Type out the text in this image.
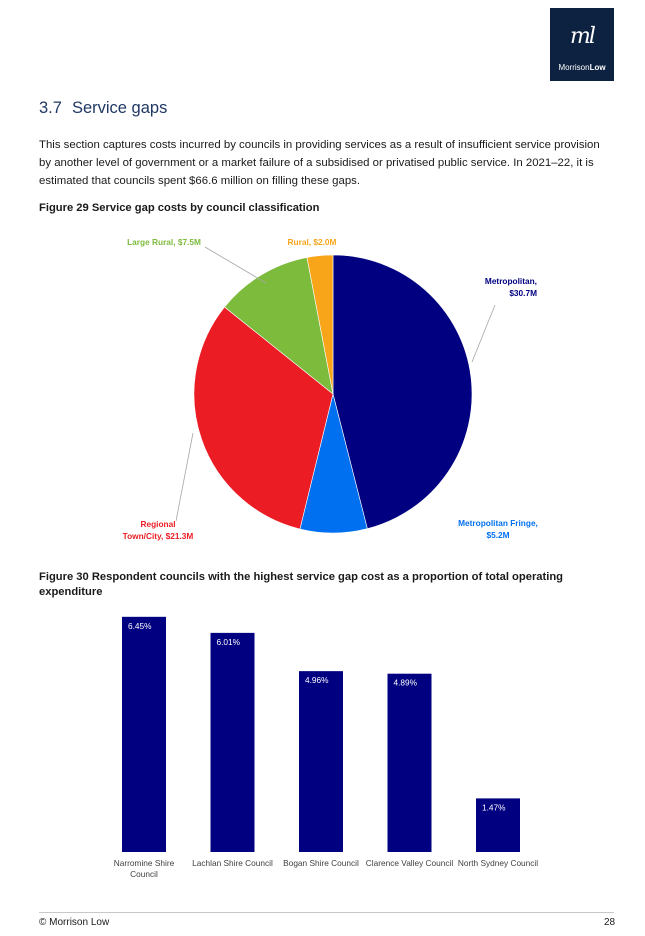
ml
MorrisonLow
3.7 Service gaps

This section captures costs incurred by councils in providing services as a result of insufficient service provision by another level of government or a market failure of a subsidised or privatised public service. In 2021–22, it is estimated that councils spent $66.6 million on filling these gaps.

Figure 29 Service gap costs by council classification

Metropolitan,
$30.7M
Metropolitan Fringe,
$5.2M
Regional
Town/City, $21.3M
Large Rural, $7.5M	Rural, $2.0M

Figure 30 Respondent councils with the highest service gap cost as a proportion of total operating expenditure

6.45%
Narromine Shire
Council
6.01%
Lachlan Shire Council
4.96%
Bogan Shire Council
4.89%
Clarence Valley Council
1.47%
North Sydney Council
© Morrison Low	28
